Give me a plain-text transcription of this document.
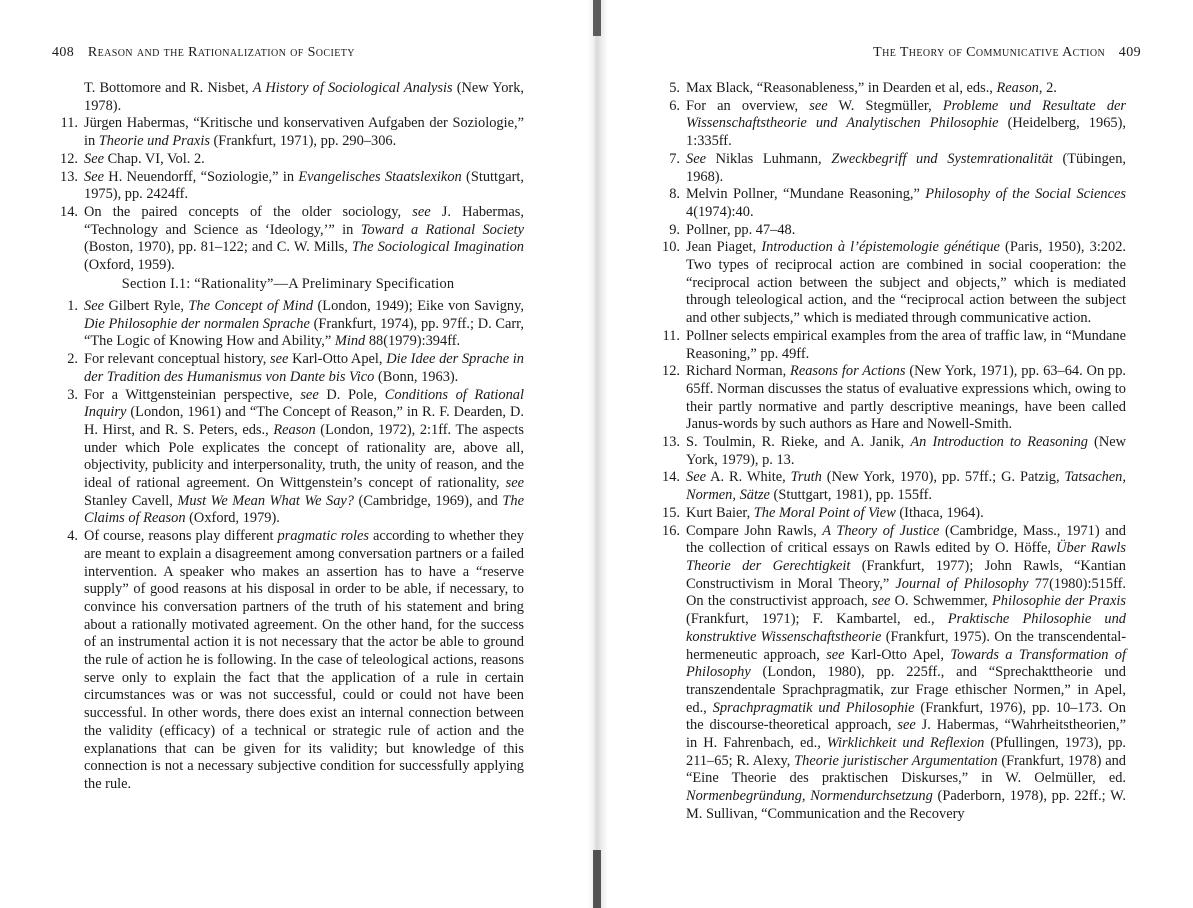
408 Reason and the Rationalization of Society
T. Bottomore and R. Nisbet, A History of Sociological Analysis (New York, 1978).
11. Jürgen Habermas, “Kritische und konservativen Aufgaben der Soziologie,” in Theorie und Praxis (Frankfurt, 1971), pp. 290–306.
12. See Chap. VI, Vol. 2.
13. See H. Neuendorff, “Soziologie,” in Evangelisches Staatslexikon (Stuttgart, 1975), pp. 2424ff.
14. On the paired concepts of the older sociology, see J. Habermas, “Technology and Science as ‘Ideology,’” in Toward a Rational Society (Boston, 1970), pp. 81–122; and C. W. Mills, The Sociological Imagination (Oxford, 1959).
Section I.1: “Rationality”—A Preliminary Specification
1. See Gilbert Ryle, The Concept of Mind (London, 1949); Eike von Savigny, Die Philosophie der normalen Sprache (Frankfurt, 1974), pp. 97ff.; D. Carr, “The Logic of Knowing How and Ability,” Mind 88(1979):394ff.
2. For relevant conceptual history, see Karl-Otto Apel, Die Idee der Sprache in der Tradition des Humanismus von Dante bis Vico (Bonn, 1963).
3. For a Wittgensteinian perspective, see D. Pole, Conditions of Rational Inquiry (London, 1961) and “The Concept of Reason,” in R. F. Dearden, D. H. Hirst, and R. S. Peters, eds., Reason (London, 1972), 2:1ff. The aspects under which Pole explicates the concept of rationality are, above all, objectivity, publicity and interpersonality, truth, the unity of reason, and the ideal of rational agreement. On Wittgenstein’s concept of rationality, see Stanley Cavell, Must We Mean What We Say? (Cambridge, 1969), and The Claims of Reason (Oxford, 1979).
4. Of course, reasons play different pragmatic roles according to whether they are meant to explain a disagreement among conversation partners or a failed intervention. A speaker who makes an assertion has to have a “reserve supply” of good reasons at his disposal in order to be able, if necessary, to convince his conversation partners of the truth of his statement and bring about a rationally motivated agreement. On the other hand, for the success of an instrumental action it is not necessary that the actor be able to ground the rule of action he is following. In the case of teleological actions, reasons serve only to explain the fact that the application of a rule in certain circumstances was or was not successful, could or could not have been successful. In other words, there does exist an internal connection between the validity (efficacy) of a technical or strategic rule of action and the explanations that can be given for its validity; but knowledge of this connection is not a necessary subjective condition for successfully applying the rule.
The Theory of Communicative Action 409
5. Max Black, “Reasonableness,” in Dearden et al, eds., Reason, 2.
6. For an overview, see W. Stegmüller, Probleme und Resultate der Wissenschaftstheorie und Analytischen Philosophie (Heidelberg, 1965), 1:335ff.
7. See Niklas Luhmann, Zweckbegriff und Systemrationalität (Tübingen, 1968).
8. Melvin Pollner, “Mundane Reasoning,” Philosophy of the Social Sciences 4(1974):40.
9. Pollner, pp. 47–48.
10. Jean Piaget, Introduction à l’épistemologie génétique (Paris, 1950), 3:202. Two types of reciprocal action are combined in social cooperation: the “reciprocal action between the subject and objects,” which is mediated through teleological action, and the “reciprocal action between the subject and other subjects,” which is mediated through communicative action.
11. Pollner selects empirical examples from the area of traffic law, in “Mundane Reasoning,” pp. 49ff.
12. Richard Norman, Reasons for Actions (New York, 1971), pp. 63–64. On pp. 65ff. Norman discusses the status of evaluative expressions which, owing to their partly normative and partly descriptive meanings, have been called Janus-words by such authors as Hare and Nowell-Smith.
13. S. Toulmin, R. Rieke, and A. Janik, An Introduction to Reasoning (New York, 1979), p. 13.
14. See A. R. White, Truth (New York, 1970), pp. 57ff.; G. Patzig, Tatsachen, Normen, Sätze (Stuttgart, 1981), pp. 155ff.
15. Kurt Baier, The Moral Point of View (Ithaca, 1964).
16. Compare John Rawls, A Theory of Justice (Cambridge, Mass., 1971) and the collection of critical essays on Rawls edited by O. Höffe, Über Rawls Theorie der Gerechtigkeit (Frankfurt, 1977); John Rawls, “Kantian Constructivism in Moral Theory,” Journal of Philosophy 77(1980):515ff. On the constructivist approach, see O. Schwemmer, Philosophie der Praxis (Frankfurt, 1971); F. Kambartel, ed., Praktische Philosophie und konstruktive Wissenschaftstheorie (Frankfurt, 1975). On the transcendental-hermeneutic approach, see Karl-Otto Apel, Towards a Transformation of Philosophy (London, 1980), pp. 225ff., and “Sprechakttheorie und transzendentale Sprachpragmatik, zur Frage ethischer Normen,” in Apel, ed., Sprachpragmatik und Philosophie (Frankfurt, 1976), pp. 10–173. On the discourse-theoretical approach, see J. Habermas, “Wahrheitstheorien,” in H. Fahrenbach, ed., Wirklichkeit und Reflexion (Pfullingen, 1973), pp. 211–65; R. Alexy, Theorie juristischer Argumentation (Frankfurt, 1978) and “Eine Theorie des praktischen Diskurses,” in W. Oelmüller, ed. Normenbegründung, Normendurchsetzung (Paderborn, 1978), pp. 22ff.; W. M. Sullivan, “Communication and the Recovery
